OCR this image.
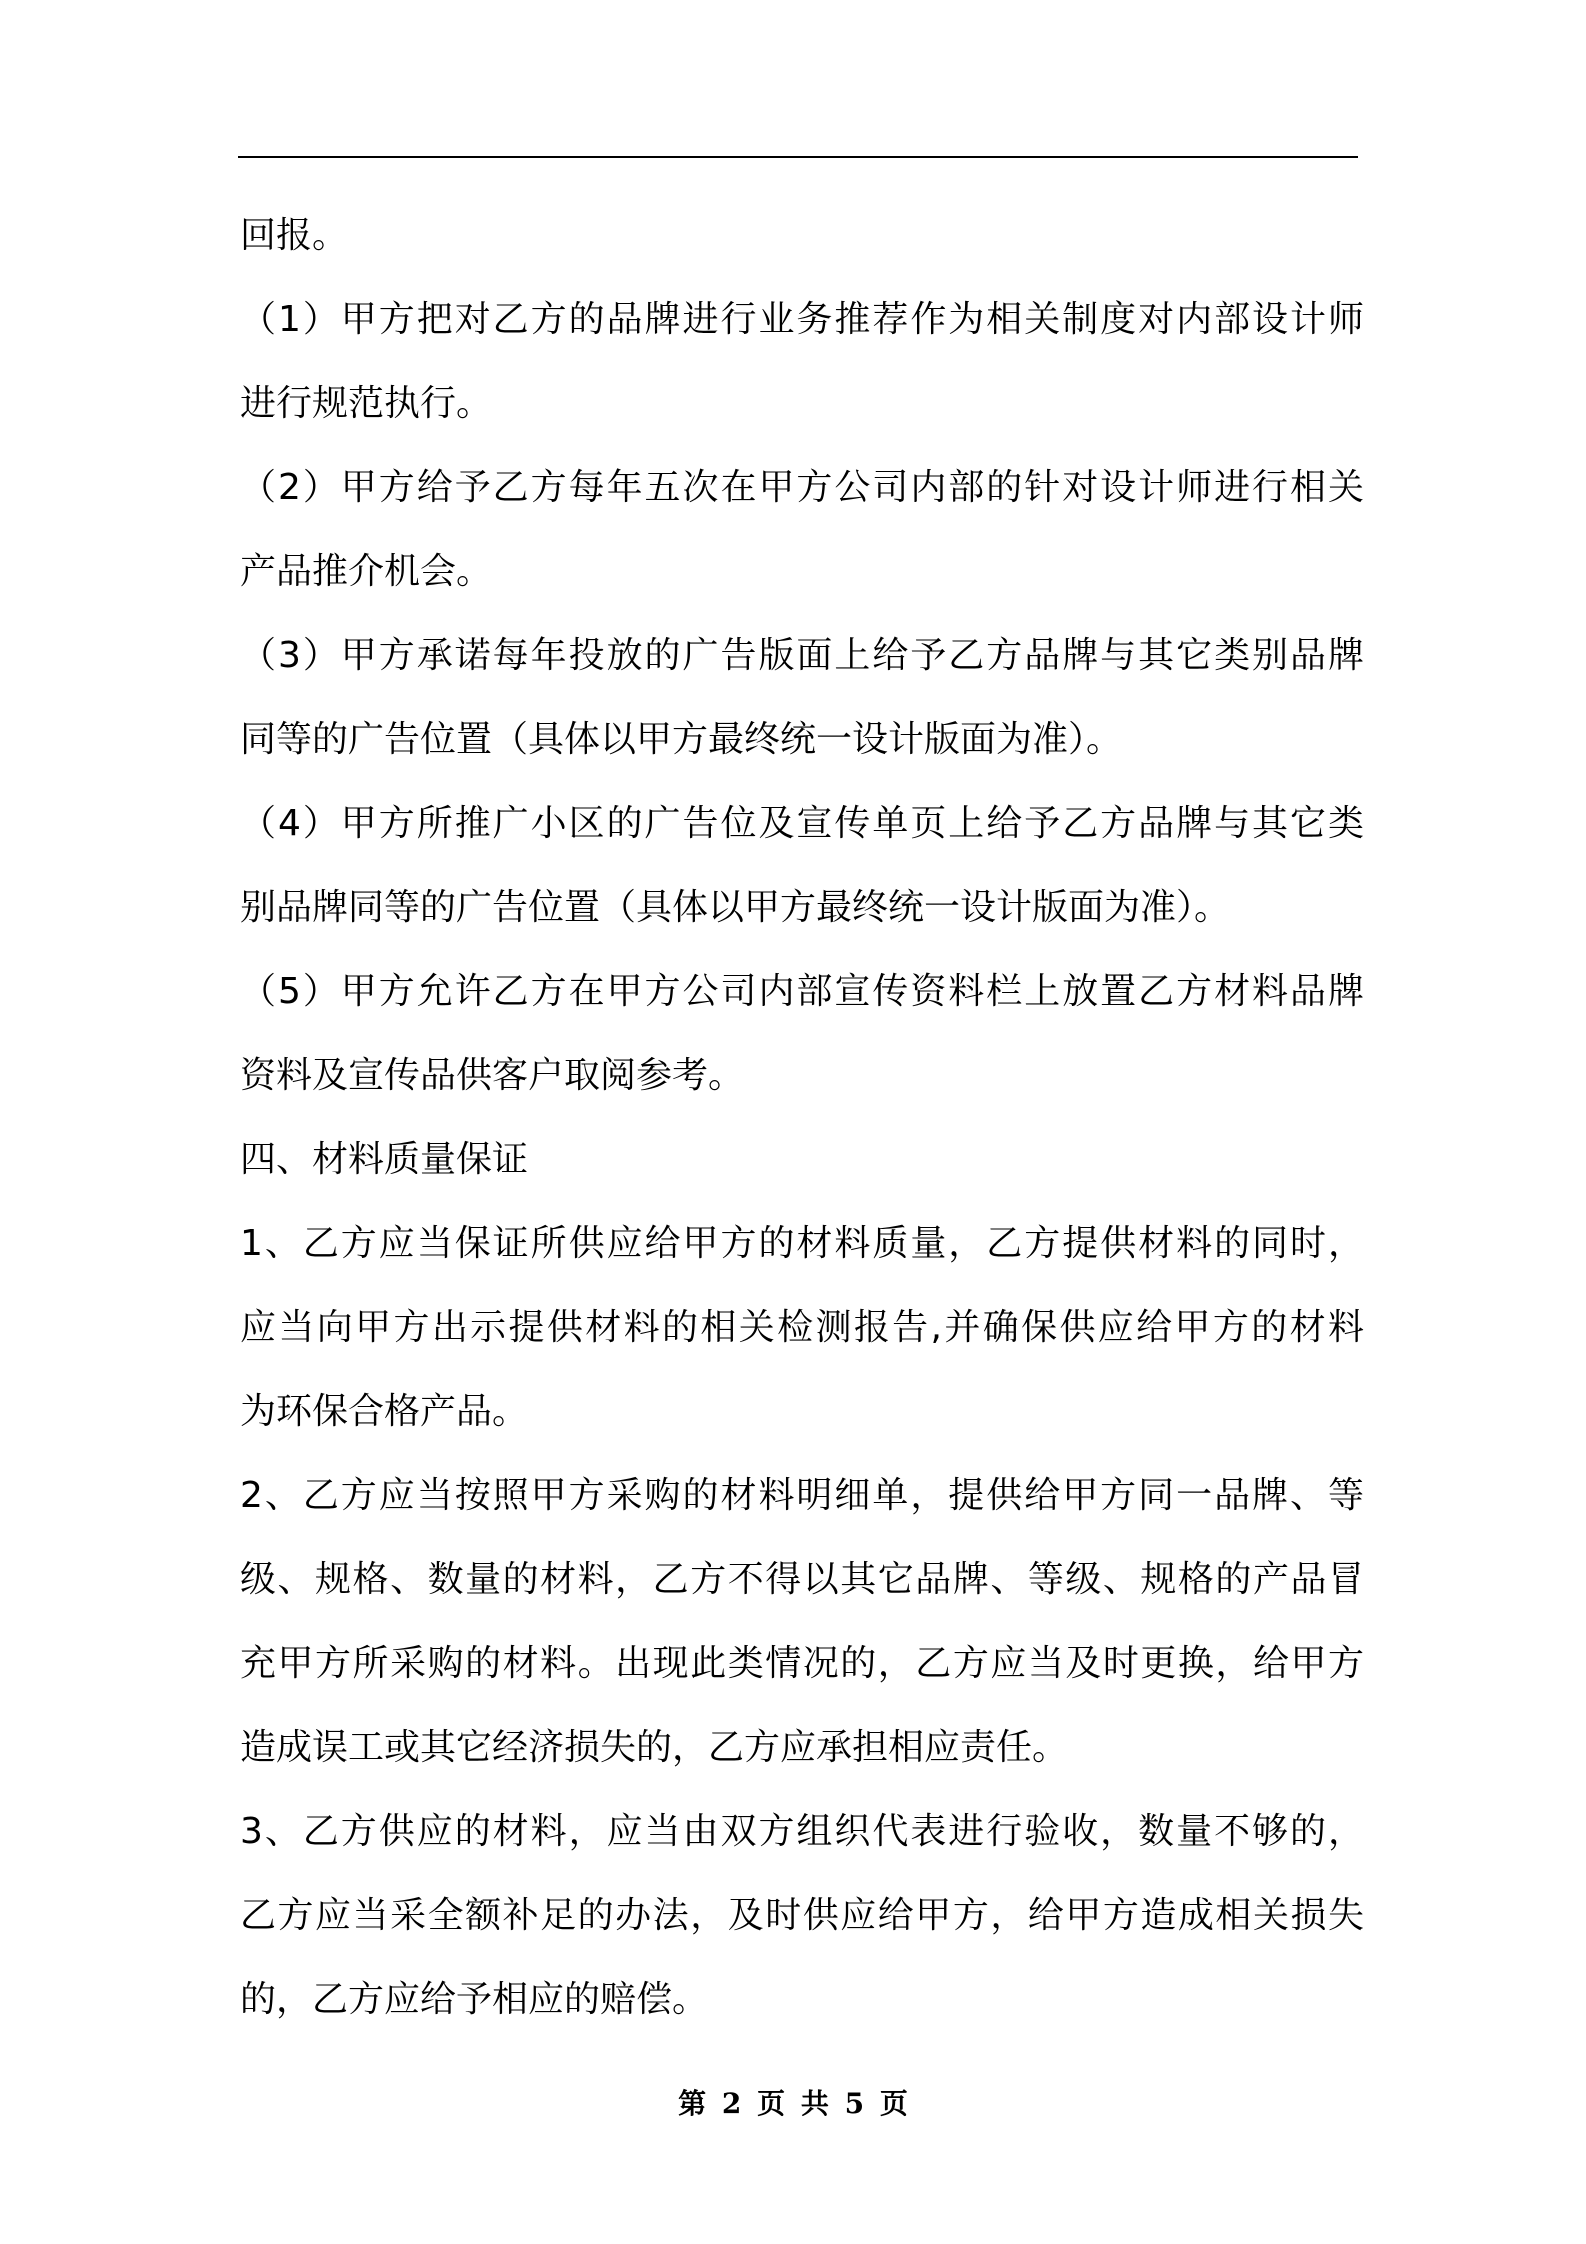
回报。
（1）甲方把对乙方的品牌进行业务推荐作为相关制度对内部设计师
进行规范执行。
（2）甲方给予乙方每年五次在甲方公司内部的针对设计师进行相关
产品推介机会。
（3）甲方承诺每年投放的广告版面上给予乙方品牌与其它类别品牌
同等的广告位置（具体以甲方最终统一设计版面为准）。
（4）甲方所推广小区的广告位及宣传单页上给予乙方品牌与其它类
别品牌同等的广告位置（具体以甲方最终统一设计版面为准）。
（5）甲方允许乙方在甲方公司内部宣传资料栏上放置乙方材料品牌
资料及宣传品供客户取阅参考。
四、材料质量保证
1、乙方应当保证所供应给甲方的材料质量，乙方提供材料的同时，
应当向甲方出示提供材料的相关检测报告,并确保供应给甲方的材料
为环保合格产品。
2、乙方应当按照甲方采购的材料明细单，提供给甲方同一品牌、等
级、规格、数量的材料，乙方不得以其它品牌、等级、规格的产品冒
充甲方所采购的材料。出现此类情况的，乙方应当及时更换，给甲方
造成误工或其它经济损失的，乙方应承担相应责任。
3、乙方供应的材料，应当由双方组织代表进行验收，数量不够的，
乙方应当采全额补足的办法，及时供应给甲方，给甲方造成相关损失
的，乙方应给予相应的赔偿。
第 2 页 共 5 页
